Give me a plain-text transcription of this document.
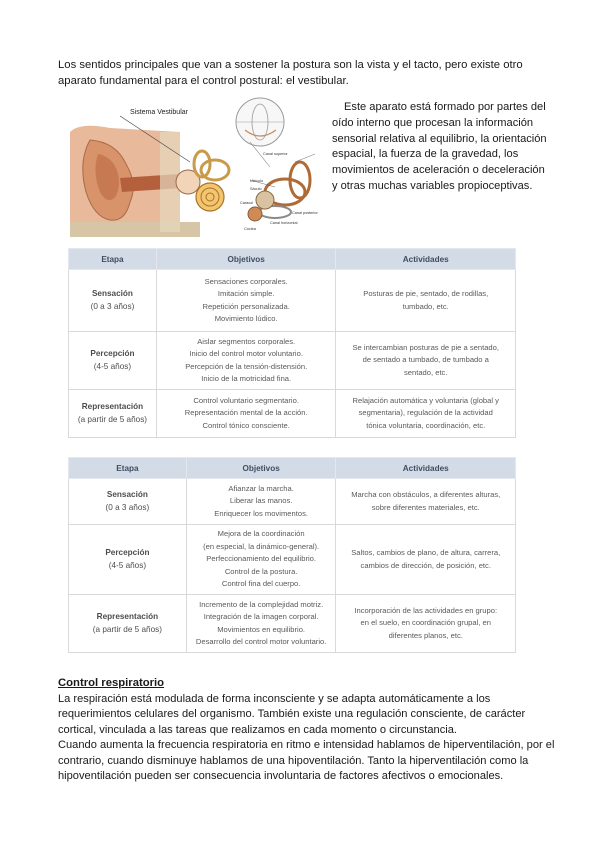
Los sentidos principales que van a sostener la postura son la vista y el tacto, pero existe otro aparato fundamental para el control postural: el vestibular.
Sistema Vestibular
Canal superior
Utrículo
Sáculo
Caracol
Canal posterior
Canal horizontal
Cóclea
Este aparato está formado por partes del oído interno que procesan la información sensorial relativa al equilibrio, la orientación espacial, la fuerza de la gravedad, los movimientos de aceleración o deceleración y otras muchas variables propioceptivas.
Etapa	Objetivos	Actividades

Sensación
(0 a 3 años)	Sensaciones corporales.
Imitación simple.
Repetición personalizada.
Movimiento lúdico.	Posturas de pie, sentado, de rodillas,
tumbado, etc.

Percepción
(4-5 años)	Aislar segmentos corporales.
Inicio del control motor voluntario.
Percepción de la tensión-distensión.
Inicio de la motricidad fina.	Se intercambian posturas de pie a sentado,
de sentado a tumbado, de tumbado a
sentado, etc.

Representación
(a partir de 5 años)	Control voluntario segmentario.
Representación mental de la acción.
Control tónico consciente.	Relajación automática y voluntaria (global y
segmentaria), regulación de la actividad
tónica voluntaria, coordinación, etc.
Etapa	Objetivos	Actividades

Sensación
(0 a 3 años)	Afianzar la marcha.
Liberar las manos.
Enriquecer los movimentos.	Marcha con obstáculos, a diferentes alturas,
sobre diferentes materiales, etc.

Percepción
(4-5 años)	Mejora de la coordinación
(en especial, la dinámico-general).
Perfeccionamiento del equilibrio.
Control de la postura.
Control fina del cuerpo.	Saltos, cambios de plano, de altura, carrera,
cambios de dirección, de posición, etc.

Representación
(a partir de 5 años)	Incremento de la complejidad motriz.
Integración de la imagen corporal.
Movimientos en equilibrio.
Desarrollo del control motor voluntario.	Incorporación de las actividades en grupo:
en el suelo, en coordinación grupal, en
diferentes planos, etc.
Control respiratorio

La respiración está modulada de forma inconsciente y se adapta automáticamente a los requerimientos celulares del organismo. También existe una regulación consciente, de carácter cortical, vinculada a las tareas que realizamos en cada momento o circunstancia.

Cuando aumenta la frecuencia respiratoria en ritmo e intensidad hablamos de hiperventilación, por el contrario, cuando disminuye hablamos de una hipoventilación. Tanto la hiperventilación como la hipoventilación pueden ser consecuencia involuntaria de factores afectivos o emocionales.
